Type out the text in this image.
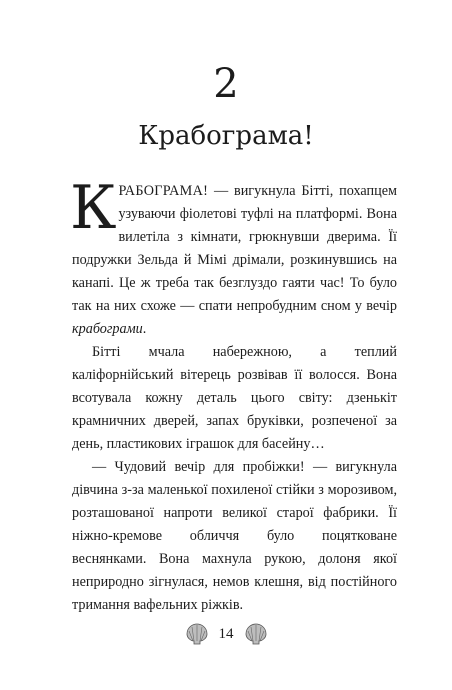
2
Крабограма!

КРАБОГРАМА! — вигукнула Бітті, похапцем узуваючи фіолетові туфлі на платформі. Вона вилетіла з кімнати, грюкнувши дверима. Її подружки Зельда й Мімі дрімали, розкинувшись на канапі. Це ж треба так безглуздо гаяти час! То було так на них схоже — спати непробудним сном у вечір крабограми.

Бітті мчала набережною, а теплий каліфорнійський вітерець розвівав її волосся. Вона всотувала кожну деталь цього світу: дзенькіт крамничних дверей, запах бруківки, розпеченої за день, пластикових іграшок для басейну…

— Чудовий вечір для пробіжки! — вигукнула дівчина з-за маленької похиленої стійки з морозивом, розташованої напроти великої старої фабрики. Її ніжно-кремове обличчя було поцятковане веснянками. Вона махнула рукою, долоня якої неприродно зігнулася, немов клешня, від постійного тримання вафельних ріжків.

14
